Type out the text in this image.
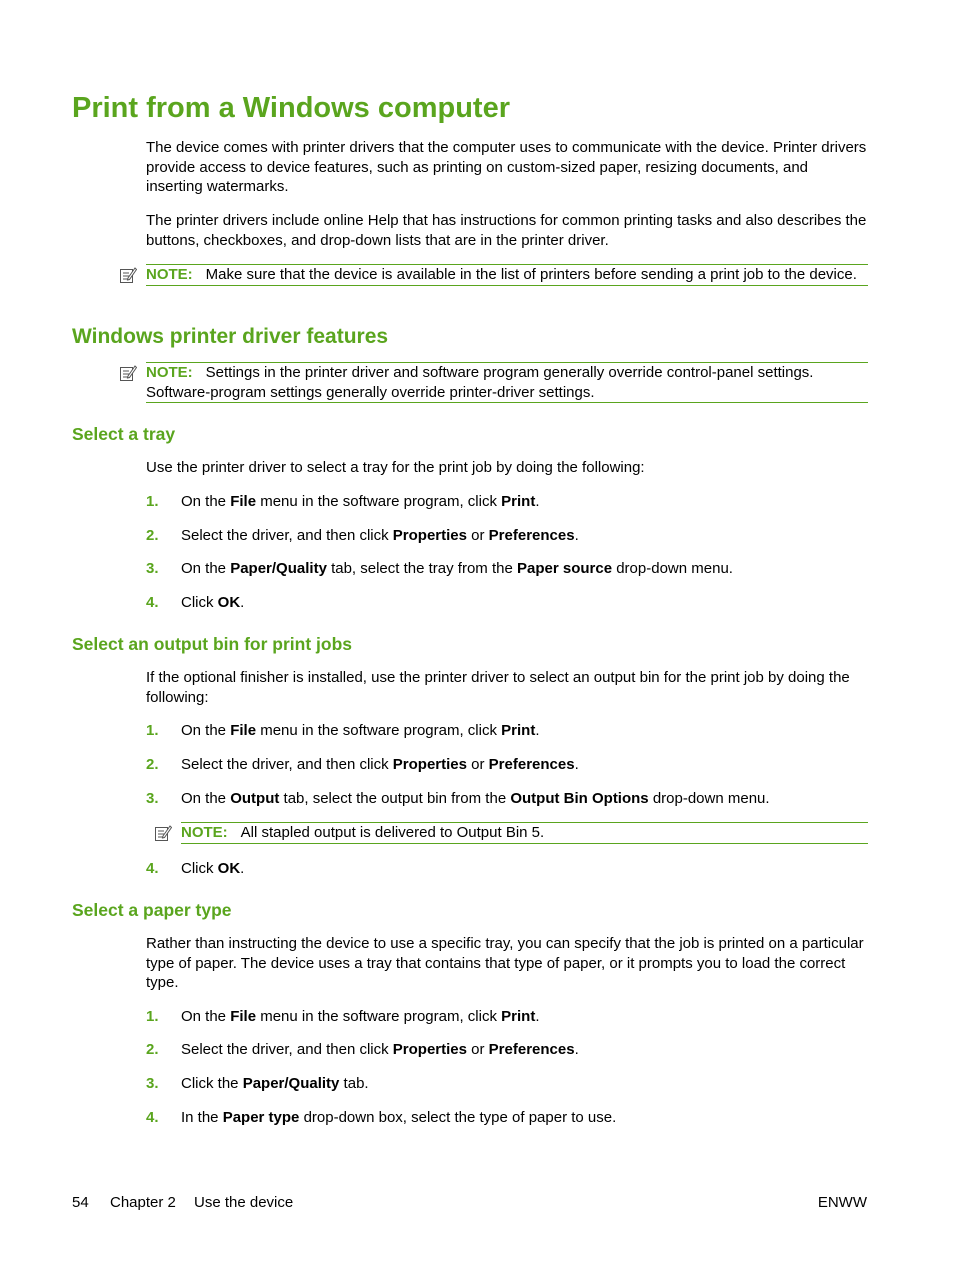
Print from a Windows computer

The device comes with printer drivers that the computer uses to communicate with the device. Printer drivers provide access to device features, such as printing on custom-sized paper, resizing documents, and inserting watermarks.

The printer drivers include online Help that has instructions for common printing tasks and also describes the buttons, checkboxes, and drop-down lists that are in the printer driver.

NOTE: Make sure that the device is available in the list of printers before sending a print job to the device.
Windows printer driver features
NOTE: Settings in the printer driver and software program generally override control-panel settings. Software-program settings generally override printer-driver settings.
Select a tray

Use the printer driver to select a tray for the print job by doing the following:

1. On the File menu in the software program, click Print.
2. Select the driver, and then click Properties or Preferences.
3. On the Paper/Quality tab, select the tray from the Paper source drop-down menu.
4. Click OK.
Select an output bin for print jobs

If the optional finisher is installed, use the printer driver to select an output bin for the print job by doing the following:

1. On the File menu in the software program, click Print.
2. Select the driver, and then click Properties or Preferences.
3. On the Output tab, select the output bin from the Output Bin Options drop-down menu.
NOTE: All stapled output is delivered to Output Bin 5.
4. Click OK.
Select a paper type

Rather than instructing the device to use a specific tray, you can specify that the job is printed on a particular type of paper. The device uses a tray that contains that type of paper, or it prompts you to load the correct type.

1. On the File menu in the software program, click Print.
2. Select the driver, and then click Properties or Preferences.
3. Click the Paper/Quality tab.
4. In the Paper type drop-down box, select the type of paper to use.
54 Chapter 2 Use the device	ENWW
